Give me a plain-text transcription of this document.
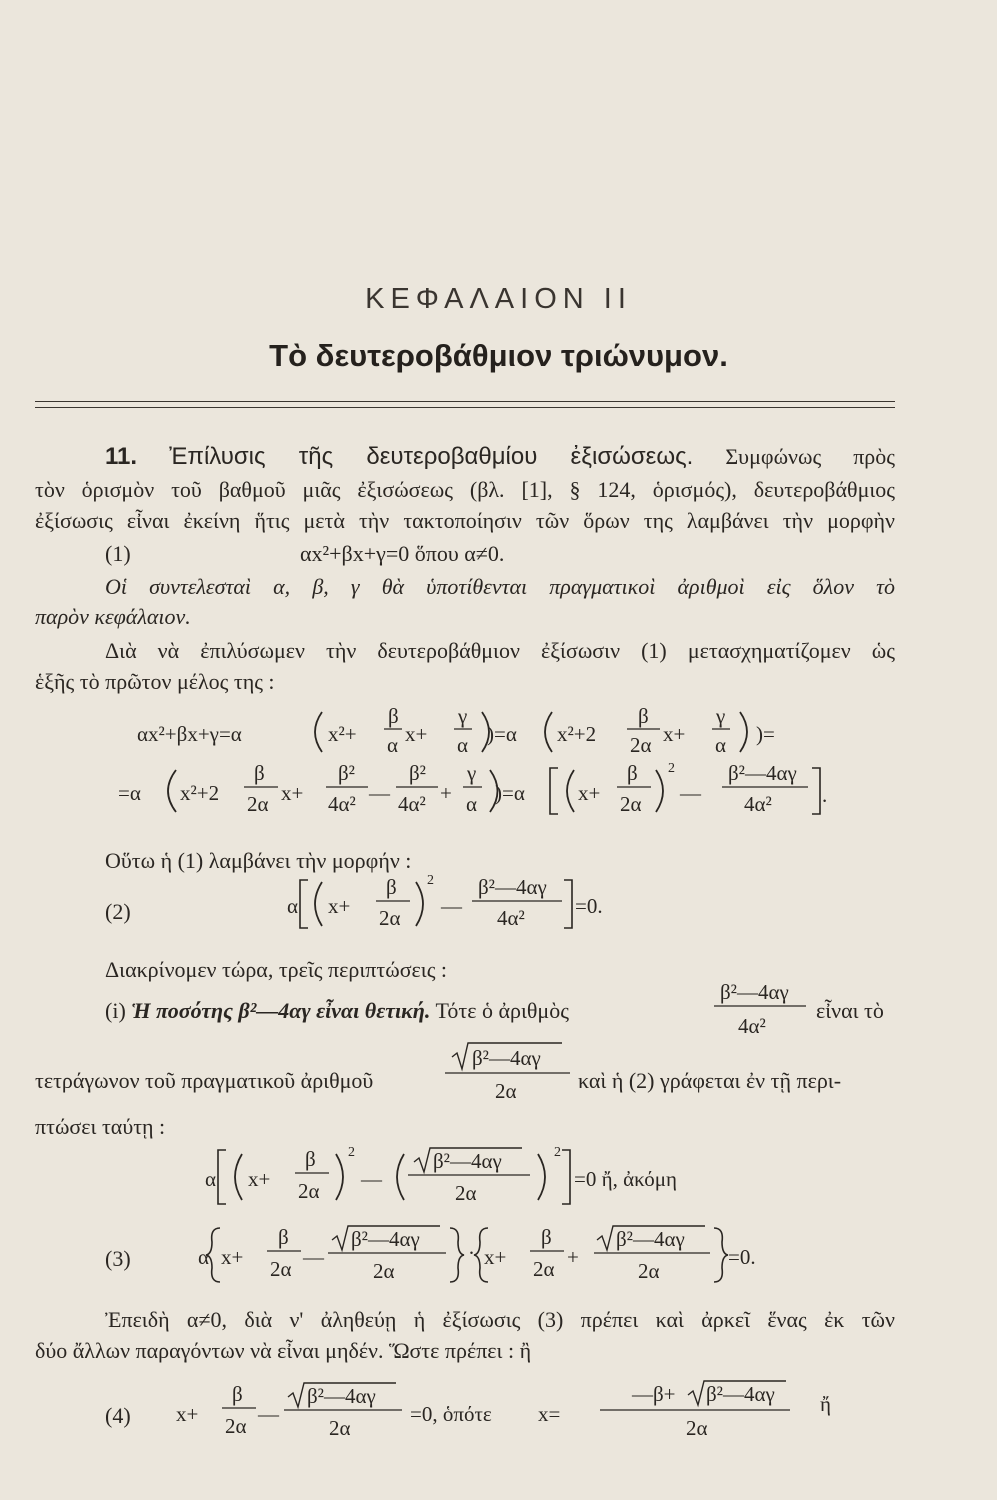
ΚΕΦΑΛΑΙΟΝ ΙΙ
Τὸ δευτεροβάθμιον τριώνυμον.
11. Ἐπίλυσις τῆς δευτεροβαθμίου ἐξισώσεως. Συμφώνως πρὸς
τὸν ὁρισμὸν τοῦ βαθμοῦ μιᾶς ἐξισώσεως (βλ. [1], § 124, ὁρισμός), δευτεροβάθμιος
ἐξίσωσις εἶναι ἐκείνη ἥτις μετὰ τὴν τακτοποίησιν τῶν ὅρων της λαμβάνει τὴν μορφὴν
(1)	αx²+βx+γ=0 ὅπου α≠0.
Οἱ συντελεσταὶ α, β, γ θὰ ὑποτίθενται πραγματικοὶ ἀριθμοὶ εἰς ὅλον τὸ
παρὸν κεφάλαιον.
Διὰ νὰ ἐπιλύσωμεν τὴν δευτεροβάθμιον ἐξίσωσιν (1) μετασχηματίζομεν ὡς
ἑξῆς τὸ πρῶτον μέλος της :
αx²+βx+γ=α	x²+
β
α x+
γ
α )=α x²+2
β
2α x+
γ
α )=
=α x²+2
β
2α x+
β²
4α² —
β²
4α² +
γ
α )=α	x+
β
2α
2
—
β²—4αγ
4α² .
Οὕτω ἡ (1) λαμβάνει τὴν μορφήν :
(2)	α x+
β
2α
2
—
β²—4αγ
4α² =0.
Διακρίνομεν τώρα, τρεῖς περιπτώσεις :
(i) Ἡ ποσότης β²—4αγ εἶναι θετική. Τότε ὁ ἀριθμὸς
β²—4αγ
4α²
εἶναι τὸ
τετράγωνον τοῦ πραγματικοῦ ἀριθμοῦ
β²—4αγ
2α	καὶ ἡ (2) γράφεται ἐν τῇ περι-
πτώσει ταύτῃ :
α x+
β
2α
2
—
β²—4αγ
2α
2
=0 ἤ, ἀκόμη
(3)	α x+
β
2α —
β²—4αγ
2α
· x+
β
2α +
β²—4αγ
2α
=0.
Ἐπειδὴ α≠0, διὰ ν' ἀληθεύῃ ἡ ἐξίσωσις (3) πρέπει καὶ ἀρκεῖ ἕνας ἐκ τῶν
δύο ἄλλων παραγόντων νὰ εἶναι μηδέν. Ὥστε πρέπει : ἢ
(4) x+
β
2α —
β²—4αγ
2α
=0, ὁπότε x=
—β+ β²—4αγ
2α
ἤ
